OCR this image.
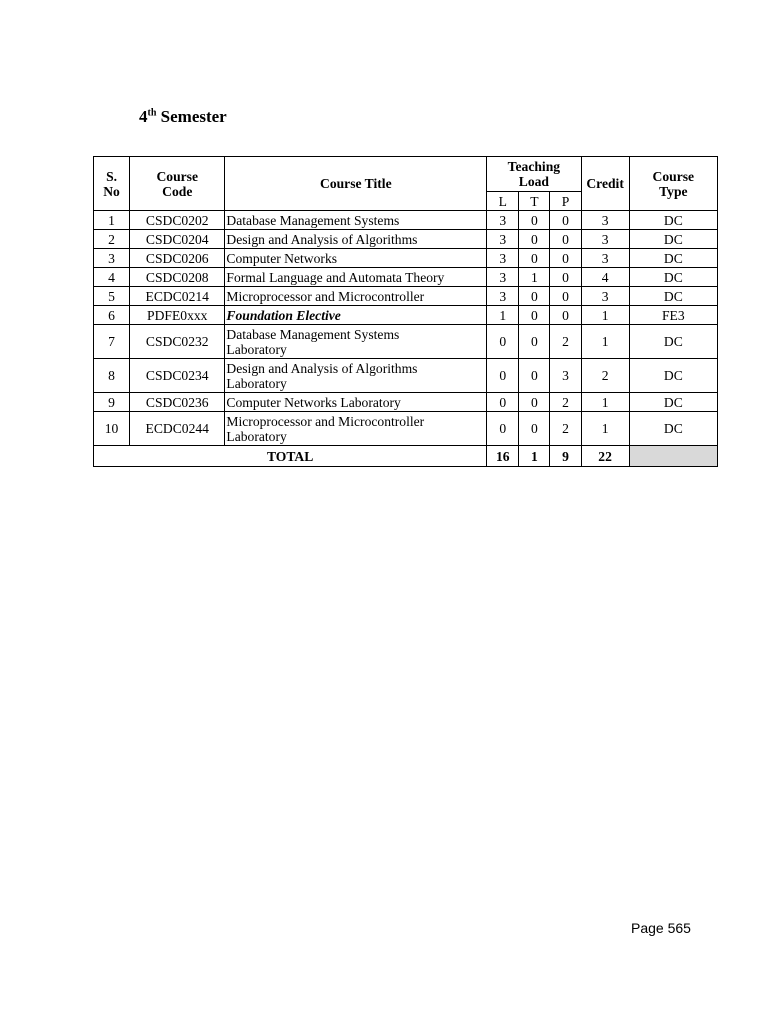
4th Semester
S. No	Course Code	Course Title	Teaching Load			Credit	Course Type
			L	T	P		
1	CSDC0202	Database Management Systems	3	0	0	3	DC
2	CSDC0204	Design and Analysis of Algorithms	3	0	0	3	DC
3	CSDC0206	Computer Networks	3	0	0	3	DC
4	CSDC0208	Formal Language and Automata Theory	3	1	0	4	DC
5	ECDC0214	Microprocessor and Microcontroller	3	0	0	3	DC
6	PDFE0xxx	Foundation Elective	1	0	0	1	FE3
7	CSDC0232	Database Management Systems
Laboratory	0	0	2	1	DC
8	CSDC0234	Design and Analysis of Algorithms
Laboratory	0	0	3	2	DC
9	CSDC0236	Computer Networks Laboratory	0	0	2	1	DC
10	ECDC0244	Microprocessor and Microcontroller
Laboratory	0	0	2	1	DC
TOTAL			16	1	9	22	
Page 565
